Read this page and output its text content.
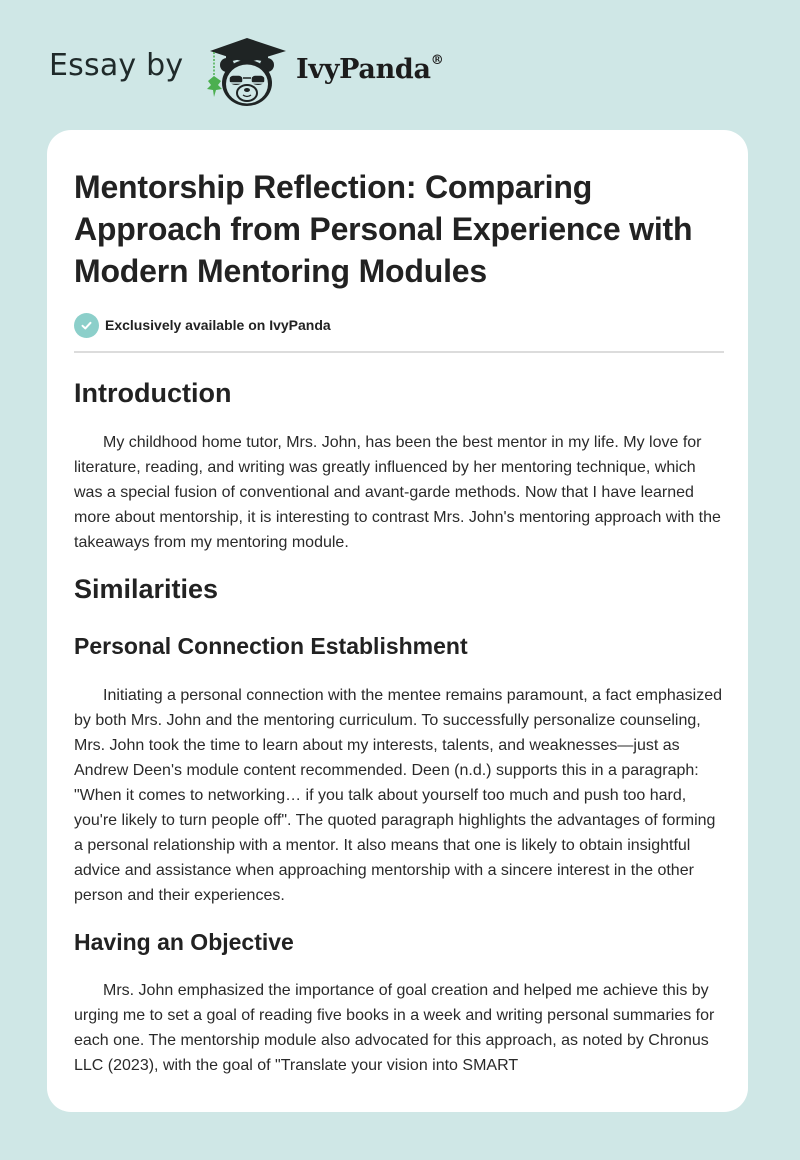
Essay by	IvyPanda®
Mentorship Reflection: Comparing Approach from Personal Experience with Modern Mentoring Modules
Exclusively available on IvyPanda
Introduction

My childhood home tutor, Mrs. John, has been the best mentor in my life. My love for literature, reading, and writing was greatly influenced by her mentoring technique, which was a special fusion of conventional and avant-garde methods. Now that I have learned more about mentorship, it is interesting to contrast Mrs. John's mentoring approach with the takeaways from my mentoring module.

Similarities
Personal Connection Establishment

Initiating a personal connection with the mentee remains paramount, a fact emphasized by both Mrs. John and the mentoring curriculum. To successfully personalize counseling, Mrs. John took the time to learn about my interests, talents, and weaknesses—just as Andrew Deen's module content recommended. Deen (n.d.) supports this in a paragraph: "When it comes to networking… if you talk about yourself too much and push too hard, you're likely to turn people off". The quoted paragraph highlights the advantages of forming a personal relationship with a mentor. It also means that one is likely to obtain insightful advice and assistance when approaching mentorship with a sincere interest in the other person and their experiences.

Having an Objective

Mrs. John emphasized the importance of goal creation and helped me achieve this by urging me to set a goal of reading five books in a week and writing personal summaries for each one. The mentorship module also advocated for this approach, as noted by Chronus LLC (2023), with the goal of "Translate your vision into SMART
